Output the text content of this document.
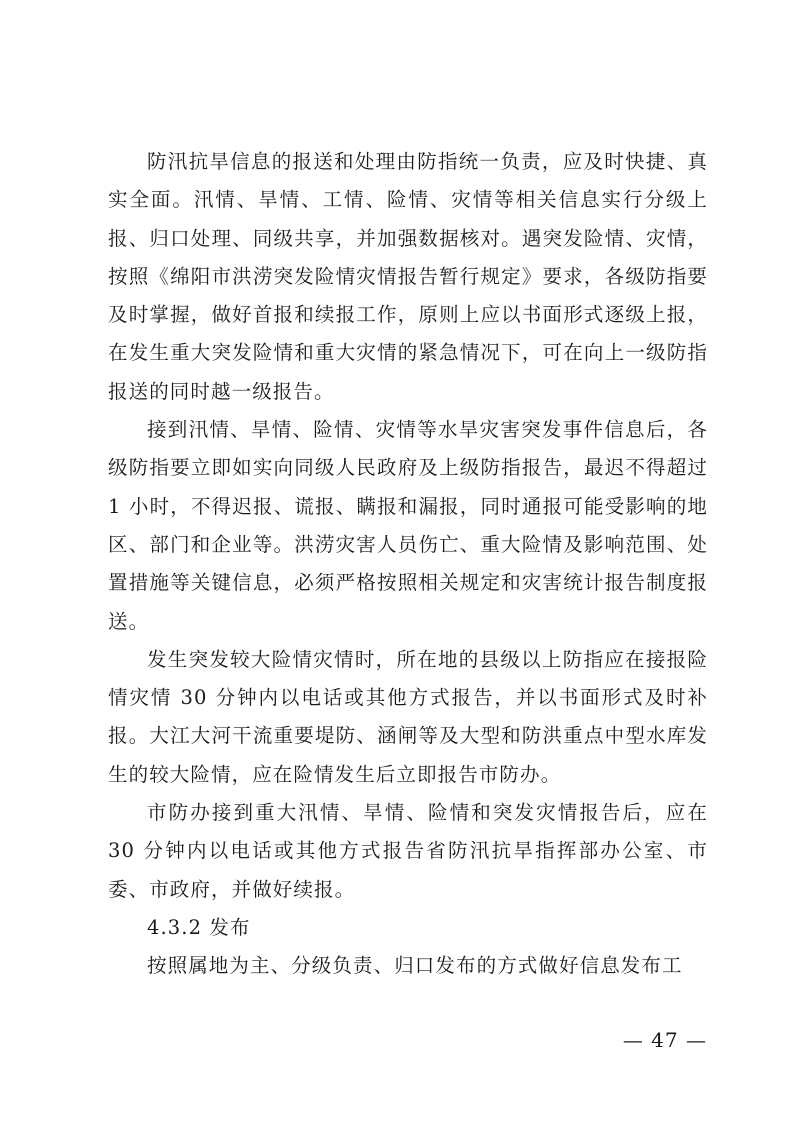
防汛抗旱信息的报送和处理由防指统一负责，应及时快捷、真实全面。汛情、旱情、工情、险情、灾情等相关信息实行分级上报、归口处理、同级共享，并加强数据核对。遇突发险情、灾情，按照《绵阳市洪涝突发险情灾情报告暂行规定》要求，各级防指要及时掌握，做好首报和续报工作，原则上应以书面形式逐级上报，在发生重大突发险情和重大灾情的紧急情况下，可在向上一级防指报送的同时越一级报告。

接到汛情、旱情、险情、灾情等水旱灾害突发事件信息后，各级防指要立即如实向同级人民政府及上级防指报告，最迟不得超过 1 小时，不得迟报、谎报、瞒报和漏报，同时通报可能受影响的地区、部门和企业等。洪涝灾害人员伤亡、重大险情及影响范围、处置措施等关键信息，必须严格按照相关规定和灾害统计报告制度报送。

发生突发较大险情灾情时，所在地的县级以上防指应在接报险情灾情 30 分钟内以电话或其他方式报告，并以书面形式及时补报。大江大河干流重要堤防、涵闸等及大型和防洪重点中型水库发生的较大险情，应在险情发生后立即报告市防办。

市防办接到重大汛情、旱情、险情和突发灾情报告后，应在 30 分钟内以电话或其他方式报告省防汛抗旱指挥部办公室、市委、市政府，并做好续报。

4.3.2 发布

按照属地为主、分级负责、归口发布的方式做好信息发布工

— 47 —
